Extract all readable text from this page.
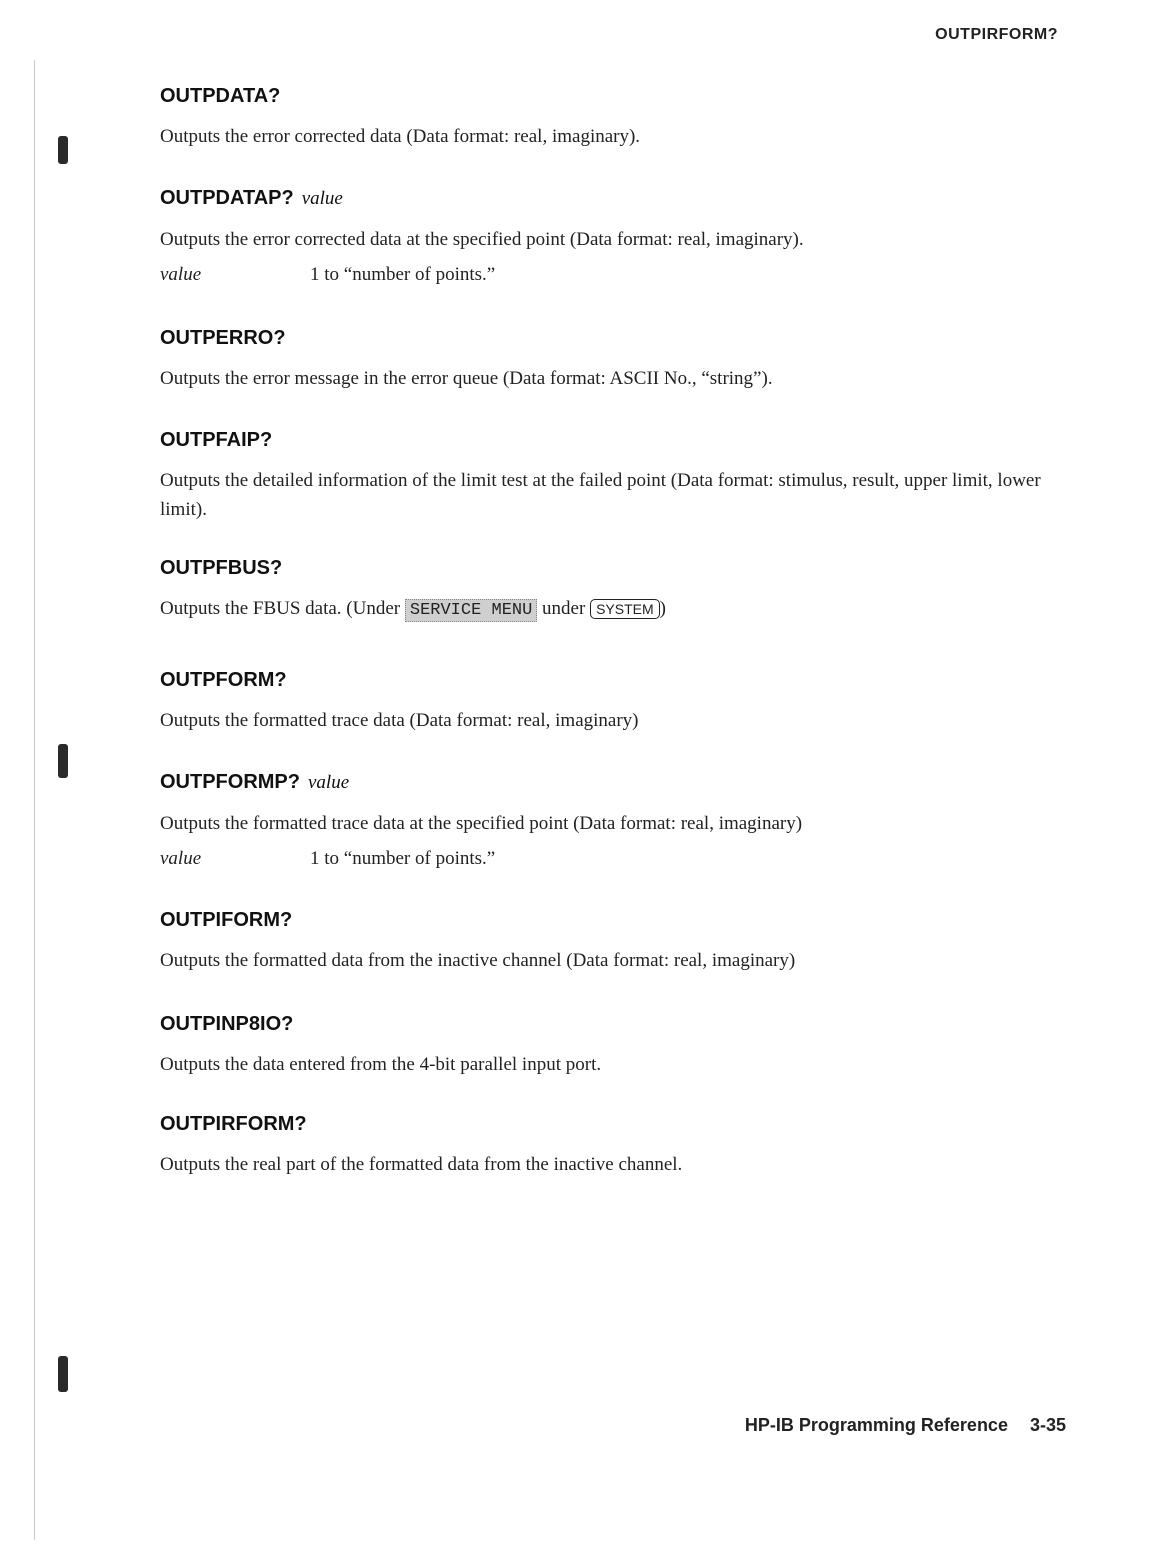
OUTPIRFORM?
OUTPDATA?

Outputs the error corrected data (Data format: real, imaginary).

OUTPDATAP? value

Outputs the error corrected data at the specified point (Data format: real, imaginary).

value	1 to “number of points.”
OUTPERRO?

Outputs the error message in the error queue (Data format: ASCII No., “string”).

OUTPFAIP?

Outputs the detailed information of the limit test at the failed point (Data format: stimulus, result, upper limit, lower limit).

OUTPFBUS?

Outputs the FBUS data. (Under SERVICE MENU under SYSTEM )

OUTPFORM?

Outputs the formatted trace data (Data format: real, imaginary)

OUTPFORMP? value

Outputs the formatted trace data at the specified point (Data format: real, imaginary)

value	1 to “number of points.”
OUTPIFORM?

Outputs the formatted data from the inactive channel (Data format: real, imaginary)

OUTPINP8IO?

Outputs the data entered from the 4-bit parallel input port.

OUTPIRFORM?

Outputs the real part of the formatted data from the inactive channel.

HP-IB Programming Reference 3-35
